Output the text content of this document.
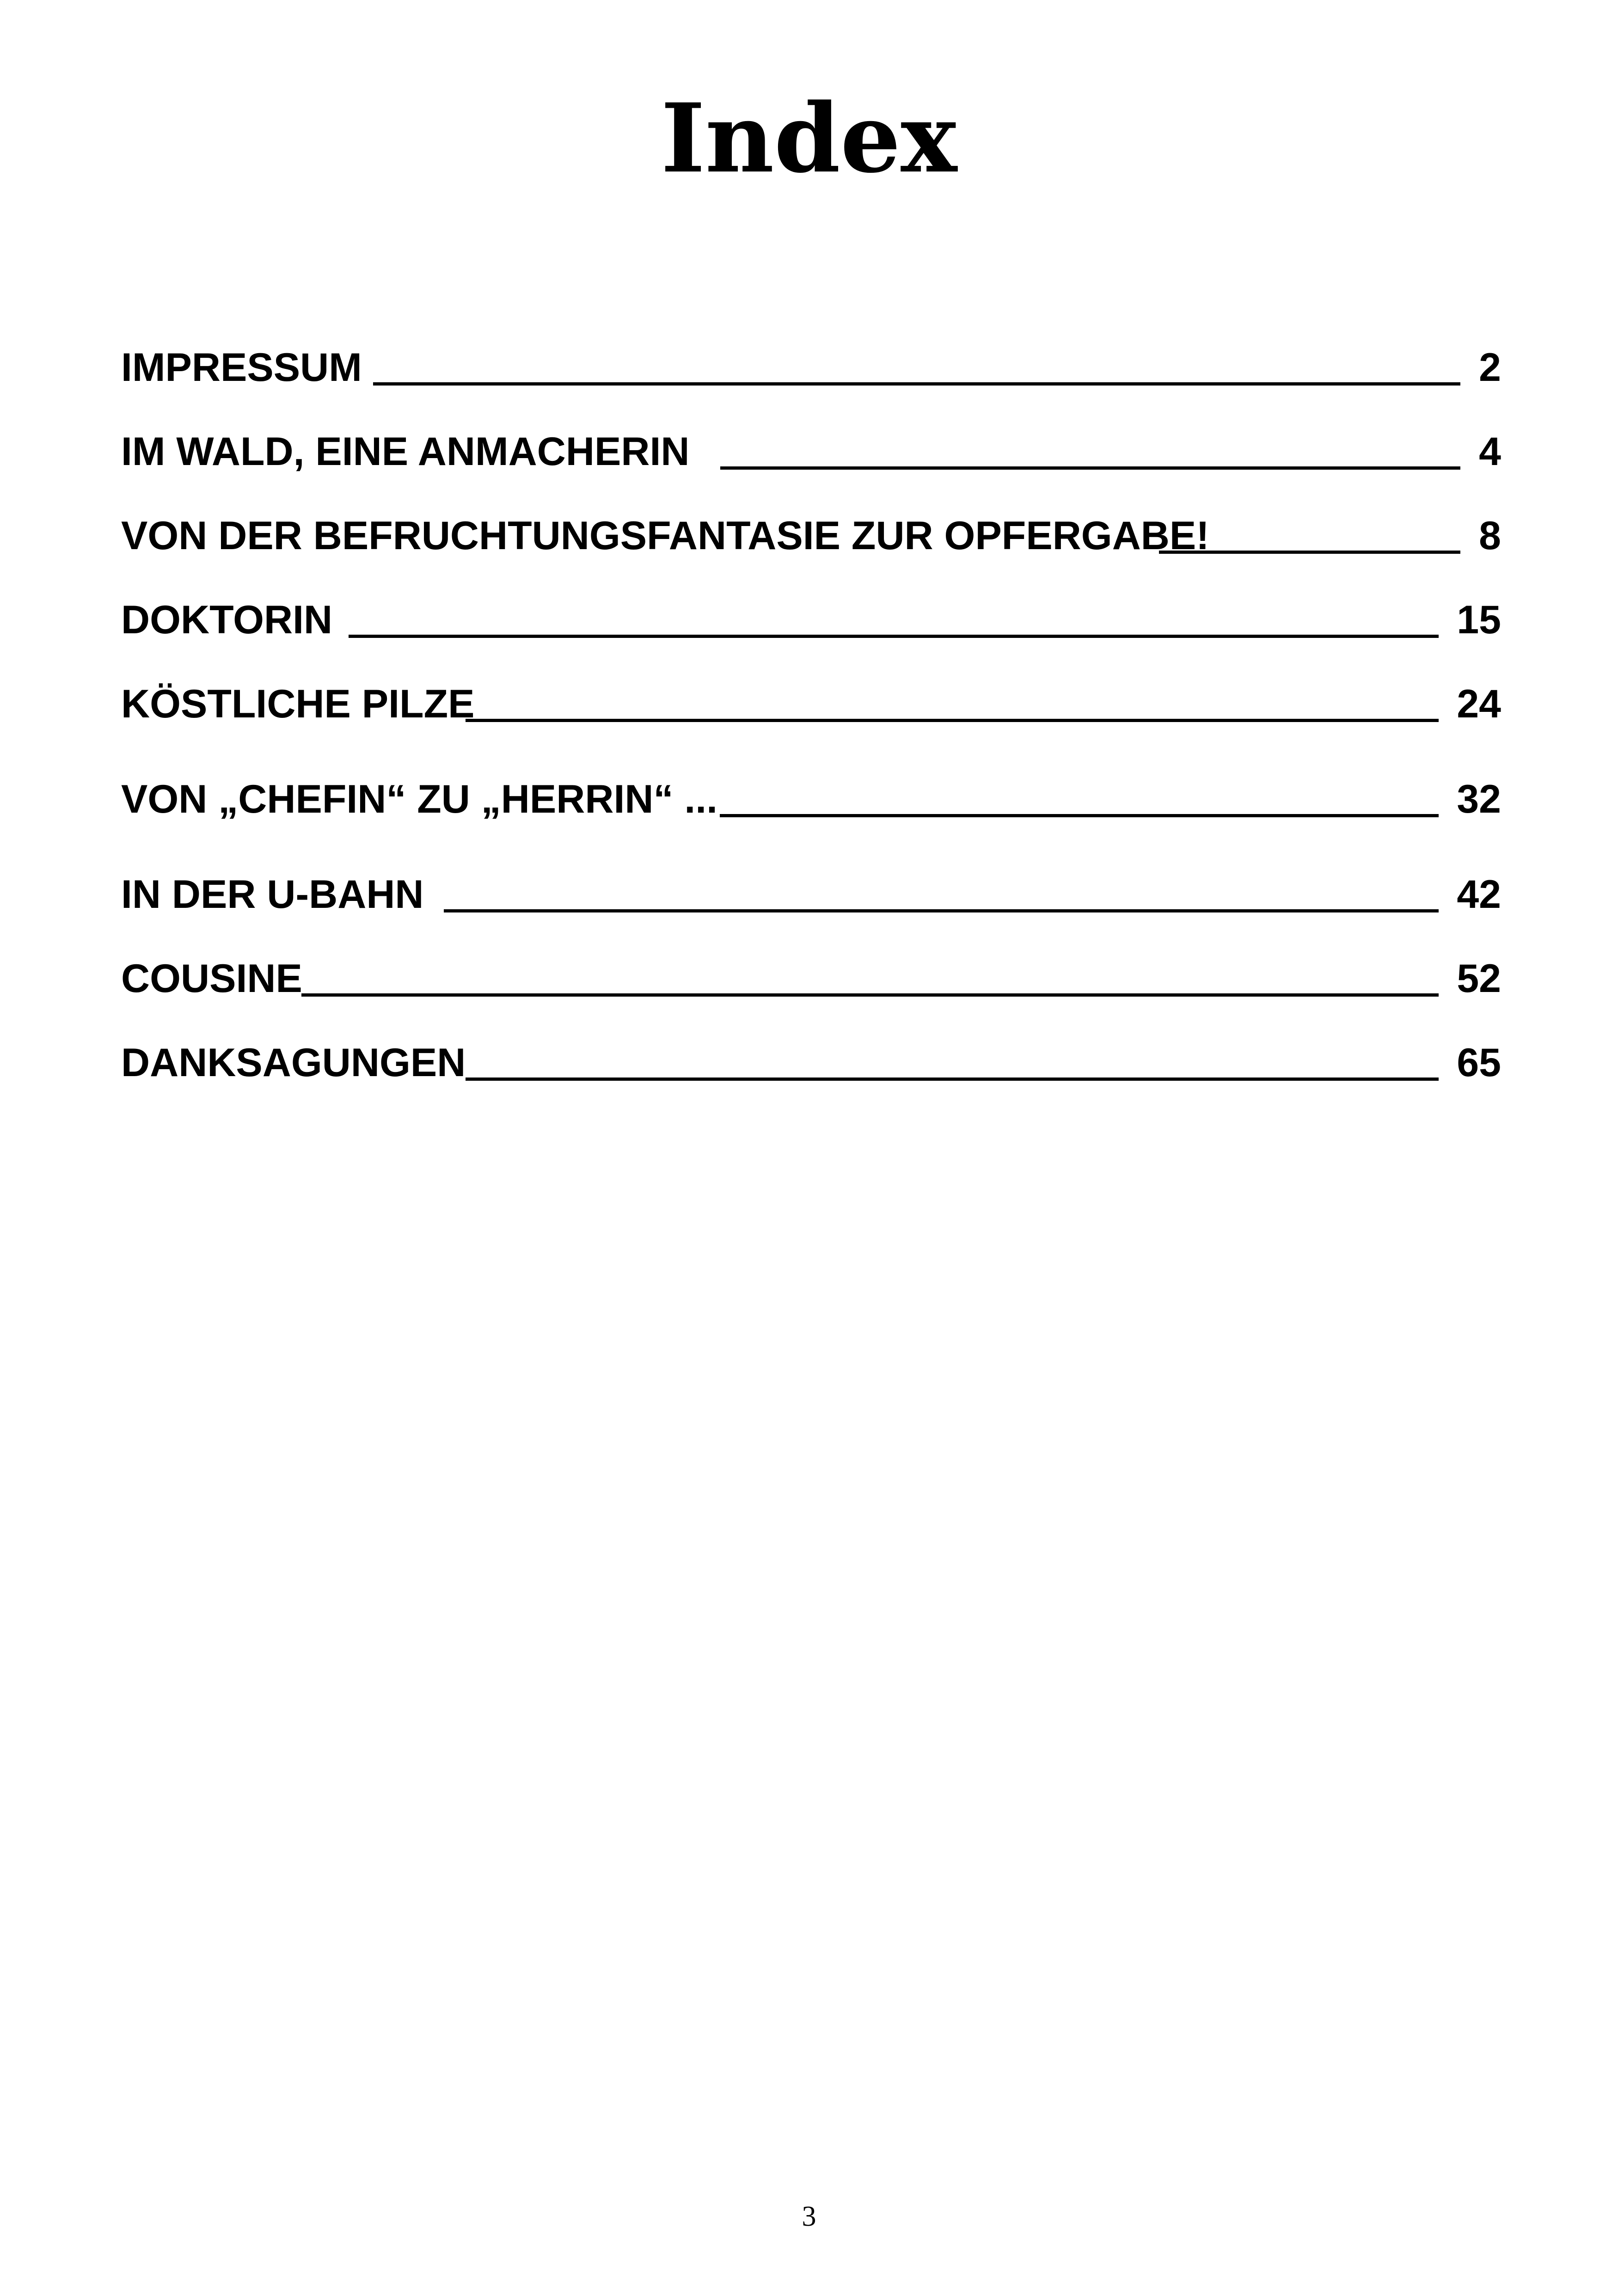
Index
IMPRESSUM	2
IM WALD, EINE ANMACHERIN	4
VON DER BEFRUCHTUNGSFANTASIE ZUR OPFERGABE!	8
DOKTORIN	15
KÖSTLICHE PILZE	24
VON „CHEFIN“ ZU „HERRIN“ ...	32
IN DER U-BAHN	42
COUSINE	52
DANKSAGUNGEN	65
3
